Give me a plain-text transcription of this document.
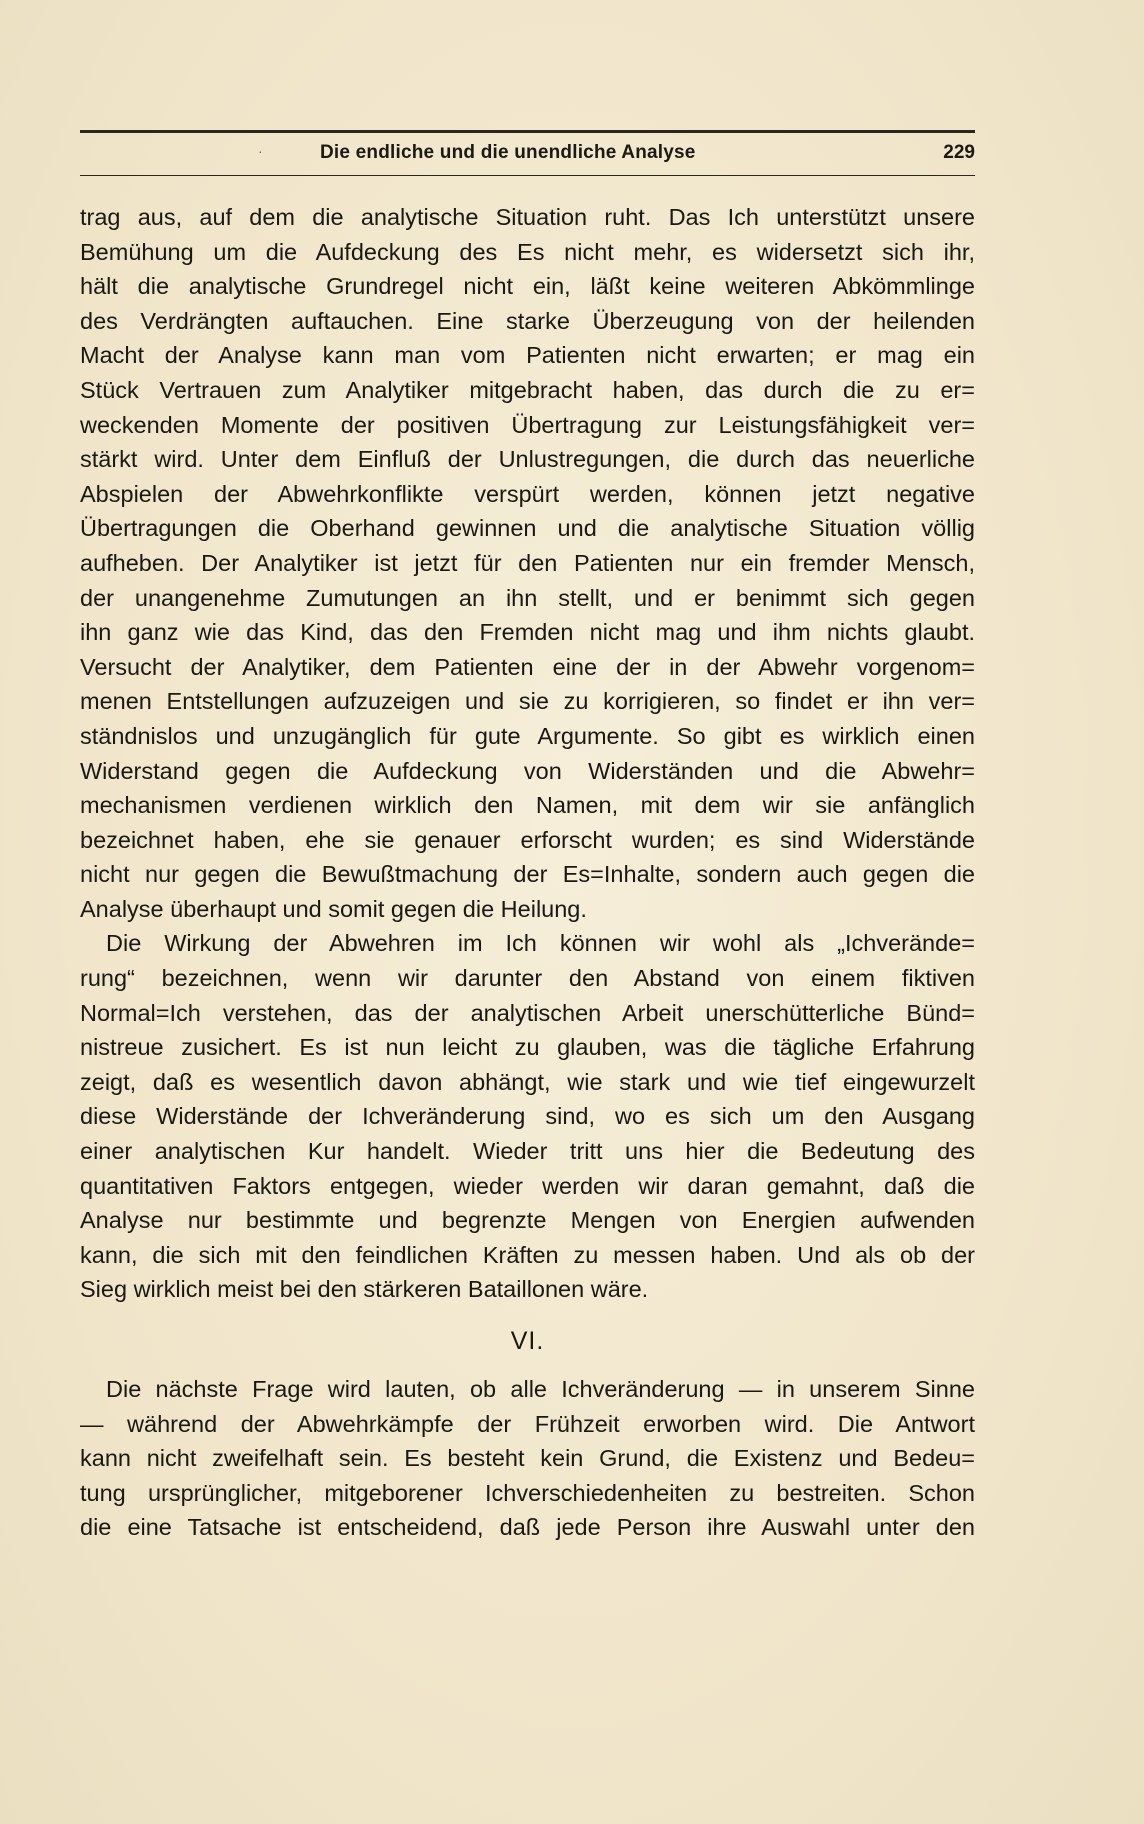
·	Die endliche und die unendliche Analyse	229
trag aus, auf dem die analytische Situation ruht. Das Ich unterstützt unsere
Bemühung um die Aufdeckung des Es nicht mehr, es widersetzt sich ihr,
hält die analytische Grundregel nicht ein, läßt keine weiteren Abkömmlinge
des Verdrängten auftauchen. Eine starke Überzeugung von der heilenden
Macht der Analyse kann man vom Patienten nicht erwarten; er mag ein
Stück Vertrauen zum Analytiker mitgebracht haben, das durch die zu er=
weckenden Momente der positiven Übertragung zur Leistungsfähigkeit ver=
stärkt wird. Unter dem Einfluß der Unlustregungen, die durch das neuerliche
Abspielen der Abwehrkonflikte verspürt werden, können jetzt negative
Übertragungen die Oberhand gewinnen und die analytische Situation völlig
aufheben. Der Analytiker ist jetzt für den Patienten nur ein fremder Mensch,
der unangenehme Zumutungen an ihn stellt, und er benimmt sich gegen
ihn ganz wie das Kind, das den Fremden nicht mag und ihm nichts glaubt.
Versucht der Analytiker, dem Patienten eine der in der Abwehr vorgenom=
menen Entstellungen aufzuzeigen und sie zu korrigieren, so findet er ihn ver=
ständnislos und unzugänglich für gute Argumente. So gibt es wirklich einen
Widerstand gegen die Aufdeckung von Widerständen und die Abwehr=
mechanismen verdienen wirklich den Namen, mit dem wir sie anfänglich
bezeichnet haben, ehe sie genauer erforscht wurden; es sind Widerstände
nicht nur gegen die Bewußtmachung der Es=Inhalte, sondern auch gegen die
Analyse überhaupt und somit gegen die Heilung.
Die Wirkung der Abwehren im Ich können wir wohl als „Ichverände=
rung“ bezeichnen, wenn wir darunter den Abstand von einem fiktiven
Normal=Ich verstehen, das der analytischen Arbeit unerschütterliche Bünd=
nistreue zusichert. Es ist nun leicht zu glauben, was die tägliche Erfahrung
zeigt, daß es wesentlich davon abhängt, wie stark und wie tief eingewurzelt
diese Widerstände der Ichveränderung sind, wo es sich um den Ausgang
einer analytischen Kur handelt. Wieder tritt uns hier die Bedeutung des
quantitativen Faktors entgegen, wieder werden wir daran gemahnt, daß die
Analyse nur bestimmte und begrenzte Mengen von Energien aufwenden
kann, die sich mit den feindlichen Kräften zu messen haben. Und als ob der
Sieg wirklich meist bei den stärkeren Bataillonen wäre.
VI.
Die nächste Frage wird lauten, ob alle Ichveränderung — in unserem Sinne
— während der Abwehrkämpfe der Frühzeit erworben wird. Die Antwort
kann nicht zweifelhaft sein. Es besteht kein Grund, die Existenz und Bedeu=
tung ursprünglicher, mitgeborener Ichverschiedenheiten zu bestreiten. Schon
die eine Tatsache ist entscheidend, daß jede Person ihre Auswahl unter den
